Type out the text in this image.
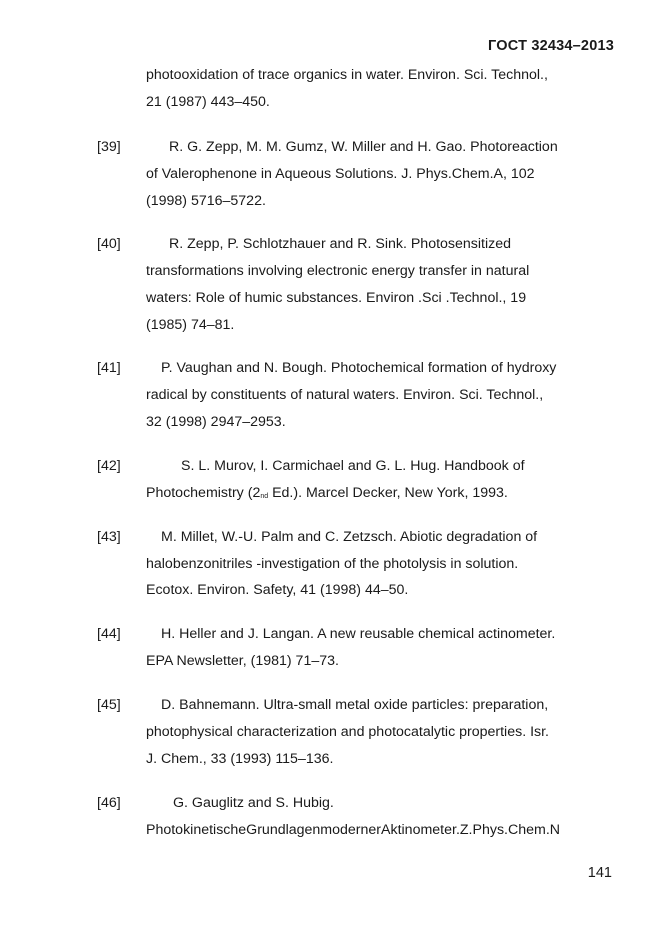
ГОСТ 32434–2013
photooxidation of trace organics in water. Environ. Sci. Technol.,
21 (1987) 443–450.
[39]	R. G. Zepp, M. M. Gumz, W. Miller and H. Gao. Photoreaction
of Valerophenone in Aqueous Solutions. J. Phys.Chem.A, 102
(1998) 5716–5722.
[40]	R. Zepp, P. Schlotzhauer and R. Sink. Photosensitized
transformations involving electronic energy transfer in natural
waters: Role of humic substances. Environ .Sci .Technol., 19
(1985) 74–81.
[41]	P. Vaughan and N. Bough. Photochemical formation of hydroxy
radical by constituents of natural waters. Environ. Sci. Technol.,
32 (1998) 2947–2953.
[42]	S. L. Murov, I. Carmichael and G. L. Hug. Handbook of
Photochemistry ($2_{nd}$ Ed.). Marcel Decker, New York, 1993.
[43]	M. Millet, W.-U. Palm and C. Zetzsch. Abiotic degradation of
halobenzonitriles -investigation of the photolysis in solution.
Ecotox. Environ. Safety, 41 (1998) 44–50.
[44]	H. Heller and J. Langan. A new reusable chemical actinometer.
EPA Newsletter, (1981) 71–73.
[45]	D. Bahnemann. Ultra-small metal oxide particles: preparation,
photophysical characterization and photocatalytic properties. Isr.
J. Chem., 33 (1993) 115–136.
[46]	G. Gauglitz and S. Hubig.
PhotokinetischeGrundlagenmodernerAktinometer.Z.Phys.Chem.N
141
